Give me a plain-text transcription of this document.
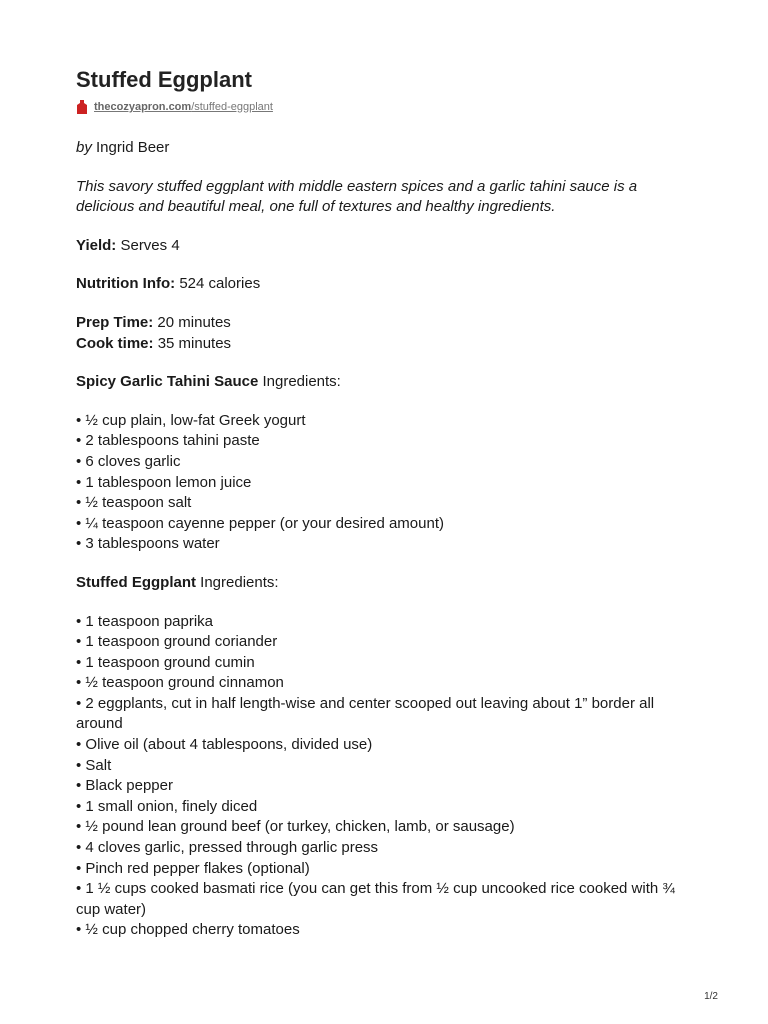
Stuffed Eggplant
thecozyapron.com/stuffed-eggplant

by Ingrid Beer

This savory stuffed eggplant with middle eastern spices and a garlic tahini sauce is a delicious and beautiful meal, one full of textures and healthy ingredients.

Yield: Serves 4

Nutrition Info: 524 calories

Prep Time: 20 minutes

Cook time: 35 minutes

Spicy Garlic Tahini Sauce Ingredients:

• ½ cup plain, low-fat Greek yogurt
• 2 tablespoons tahini paste
• 6 cloves garlic
• 1 tablespoon lemon juice
• ½ teaspoon salt
• ¼ teaspoon cayenne pepper (or your desired amount)
• 3 tablespoons water

Stuffed Eggplant Ingredients:

• 1 teaspoon paprika
• 1 teaspoon ground coriander
• 1 teaspoon ground cumin
• ½ teaspoon ground cinnamon
• 2 eggplants, cut in half length-wise and center scooped out leaving about 1” border all around
• Olive oil (about 4 tablespoons, divided use)
• Salt
• Black pepper
• 1 small onion, finely diced
• ½ pound lean ground beef (or turkey, chicken, lamb, or sausage)
• 4 cloves garlic, pressed through garlic press
• Pinch red pepper flakes (optional)
• 1 ½ cups cooked basmati rice (you can get this from ½ cup uncooked rice cooked with ¾ cup water)
• ½ cup chopped cherry tomatoes
1/2
